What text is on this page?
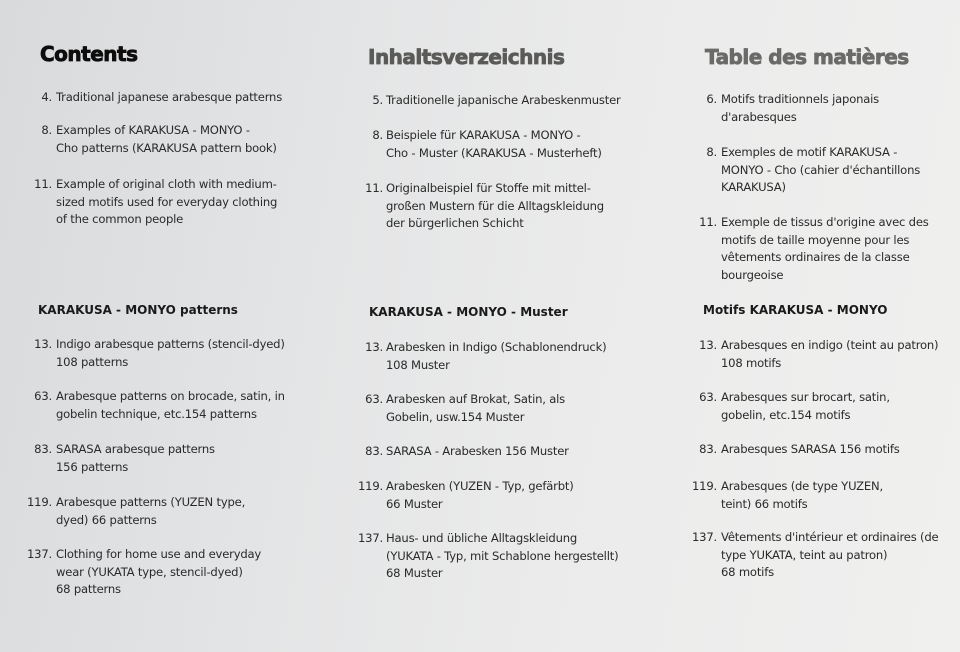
Contents
4. Traditional japanese arabesque patterns
8. Examples of KARAKUSA - MONYO -
Cho patterns (KARAKUSA pattern book)
11. Example of original cloth with medium-
sized motifs used for everyday clothing
of the common people
KARAKUSA - MONYO patterns
13. Indigo arabesque patterns (stencil-dyed)
108 patterns
63. Arabesque patterns on brocade, satin, in
gobelin technique, etc.154 patterns
83. SARASA arabesque patterns
156 patterns
119. Arabesque patterns (YUZEN type,
dyed) 66 patterns
137. Clothing for home use and everyday
wear (YUKATA type, stencil-dyed)
68 patterns
Inhaltsverzeichnis
5. Traditionelle japanische Arabeskenmuster
8. Beispiele für KARAKUSA - MONYO -
Cho - Muster (KARAKUSA - Musterheft)
11. Originalbeispiel für Stoffe mit mittel-
großen Mustern für die Alltagskleidung
der bürgerlichen Schicht
KARAKUSA - MONYO - Muster
13. Arabesken in Indigo (Schablonendruck)
108 Muster
63. Arabesken auf Brokat, Satin, als
Gobelin, usw.154 Muster
83. SARASA - Arabesken 156 Muster
119. Arabesken (YUZEN - Typ, gefärbt)
66 Muster
137. Haus- und übliche Alltagskleidung
(YUKATA - Typ, mit Schablone hergestellt)
68 Muster
Table des matières
6. Motifs traditionnels japonais
d'arabesques
8. Exemples de motif KARAKUSA -
MONYO - Cho (cahier d'échantillons
KARAKUSA)
11. Exemple de tissus d'origine avec des
motifs de taille moyenne pour les
vêtements ordinaires de la classe
bourgeoise
Motifs KARAKUSA - MONYO
13. Arabesques en indigo (teint au patron)
108 motifs
63. Arabesques sur brocart, satin,
gobelin, etc.154 motifs
83. Arabesques SARASA 156 motifs
119. Arabesques (de type YUZEN,
teint) 66 motifs
137. Vêtements d'intérieur et ordinaires (de
type YUKATA, teint au patron)
68 motifs
